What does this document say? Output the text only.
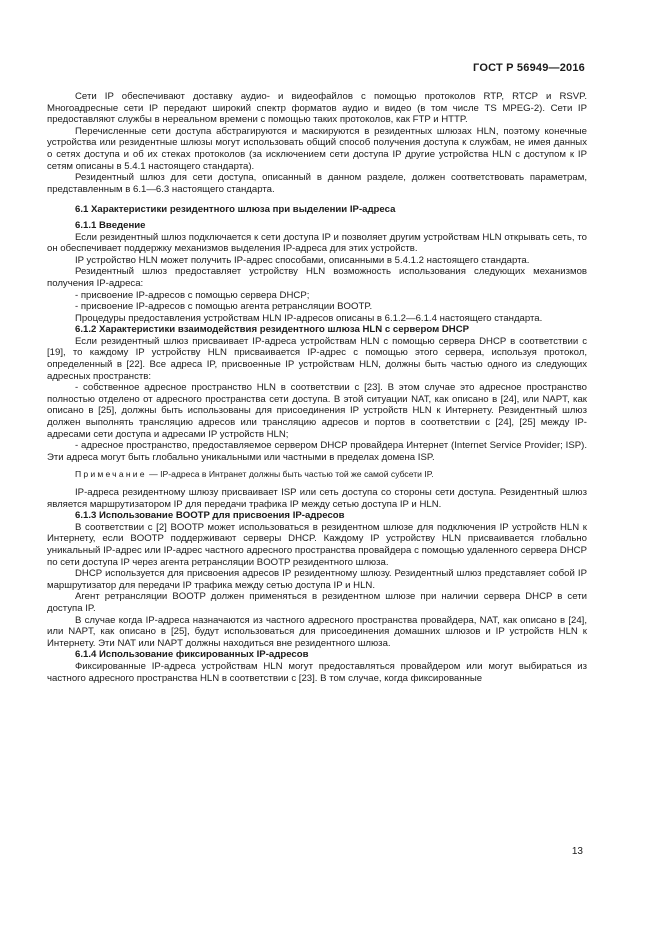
ГОСТ Р 56949—2016

Сети IP обеспечивают доставку аудио- и видеофайлов с помощью протоколов RTP, RTCP и RSVP. Многоадресные сети IP передают широкий спектр форматов аудио и видео (в том числе TS MPEG-2). Сети IP предоставляют службы в нереальном времени с помощью таких протоколов, как FTP и HTTP.

Перечисленные сети доступа абстрагируются и маскируются в резидентных шлюзах HLN, поэтому конечные устройства или резидентные шлюзы могут использовать общий способ получения доступа к службам, не имея данных о сетях доступа и об их стеках протоколов (за исключением сети доступа IP другие устройства HLN с доступом к IP сетям описаны в 5.4.1 настоящего стандарта).

Резидентный шлюз для сети доступа, описанный в данном разделе, должен соответствовать параметрам, представленным в 6.1—6.3 настоящего стандарта.

6.1 Характеристики резидентного шлюза при выделении IP-адреса
6.1.1 Введение

Если резидентный шлюз подключается к сети доступа IP и позволяет другим устройствам HLN открывать сеть, то он обеспечивает поддержку механизмов выделения IP-адреса для этих устройств.

IP устройство HLN может получить IP-адрес способами, описанными в 5.4.1.2 настоящего стандарта.

Резидентный шлюз предоставляет устройству HLN возможность использования следующих механизмов получения IP-адреса:

- присвоение IP-адресов с помощью сервера DHCP;

- присвоение IP-адресов с помощью агента ретрансляции BOOTP.

Процедуры предоставления устройствам HLN IP-адресов описаны в 6.1.2—6.1.4 настоящего стандарта.

6.1.2 Характеристики взаимодействия резидентного шлюза HLN с сервером DHCP

Если резидентный шлюз присваивает IP-адреса устройствам HLN с помощью сервера DHCP в соответствии с [19], то каждому IP устройству HLN присваивается IP-адрес с помощью этого сервера, используя протокол, определенный в [22]. Все адреса IP, присвоенные IP устройствам HLN, должны быть частью одного из следующих адресных пространств:

- собственное адресное пространство HLN в соответствии с [23]. В этом случае это адресное пространство полностью отделено от адресного пространства сети доступа. В этой ситуации NAT, как описано в [24], или NAPT, как описано в [25], должны быть использованы для присоединения IP устройств HLN к Интернету. Резидентный шлюз должен выполнять трансляцию адресов или трансляцию адресов и портов в соответствии с [24], [25] между IP-адресами сети доступа и адресами IP устройств HLN;

- адресное пространство, предоставляемое сервером DHCP провайдера Интернет (Internet Service Provider; ISP). Эти адреса могут быть глобально уникальными или частными в пределах домена ISP.

Примечание — IP-адреса в Интранет должны быть частью той же самой субсети IP.

IP-адреса резидентному шлюзу присваивает ISP или сеть доступа со стороны сети доступа. Резидентный шлюз является маршрутизатором IP для передачи трафика IP между сетью доступа IP и HLN.

6.1.3 Использование BOOTP для присвоения IP-адресов

В соответствии с [2] BOOTP может использоваться в резидентном шлюзе для подключения IP устройств HLN к Интернету, если BOOTP поддерживают серверы DHCP. Каждому IP устройству HLN присваивается глобально уникальный IP-адрес или IP-адрес частного адресного пространства провайдера с помощью удаленного сервера DHCP по сети доступа IP через агента ретрансляции BOOTP резидентного шлюза.

DHCP используется для присвоения адресов IP резидентному шлюзу. Резидентный шлюз представляет собой IP маршрутизатор для передачи IP трафика между сетью доступа IP и HLN.

Агент ретрансляции BOOTP должен применяться в резидентном шлюзе при наличии сервера DHCP в сети доступа IP.

В случае когда IP-адреса назначаются из частного адресного пространства провайдера, NAT, как описано в [24], или NAPT, как описано в [25], будут использоваться для присоединения домашних шлюзов и IP устройств HLN к Интернету. Эти NAT или NAPT должны находиться вне резидентного шлюза.

6.1.4 Использование фиксированных IP-адресов

Фиксированные IP-адреса устройствам HLN могут предоставляться провайдером или могут выбираться из частного адресного пространства HLN в соответствии с [23]. В том случае, когда фиксированные

13
